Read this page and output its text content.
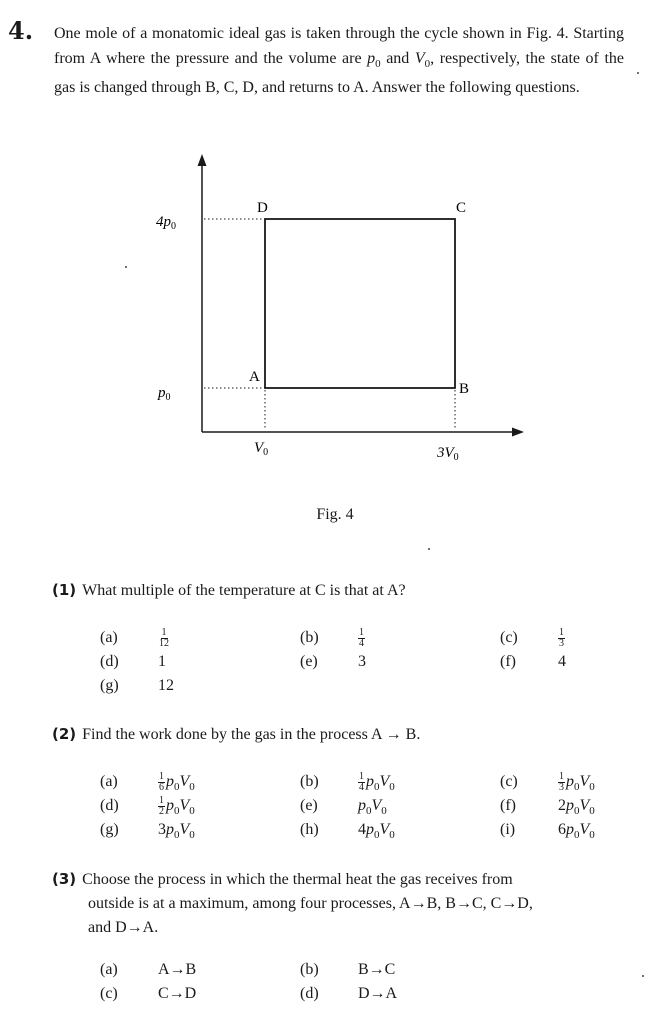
4. One mole of a monatomic ideal gas is taken through the cycle shown in Fig. 4. Starting from A where the pressure and the volume are $p_0$ and $V_0$, respectively, the state of the gas is changed through B, C, D, and returns to A. Answer the following questions.
D	C
A
B
$4p_0$
$p_0$
$V_0$	$3V_0$
Fig. 4
(1) What multiple of the temperature at C is that at A?
(a)	$\frac{1}{12}$	(b)	$\frac{1}{4}$	(c)	$\frac{1}{3}$
(d) 1	(e)	3	(f)	4
(g) 12
(2) Find the work done by the gas in the process A → B.
(a)	$\frac{1}{6} p_0V_0$	(b)	$\frac{1}{4} p_0V_0$	(c)	$\frac{1}{3} p_0V_0$
(d)	$\frac{1}{2} p_0V_0$	(e)	$p_0V_0$	(f)	$2p_0V_0$
(g) $3p_0V_0$	(h) $4p_0V_0$	(i)	$6p_0V_0$
(3) Choose the process in which the thermal heat the gas receives from
outside is at a maximum, among four processes, A→B, B→C, C→D,
and D→A.
(a)	A→B	(b) B→C
(c)	C→D	(d) D→A
